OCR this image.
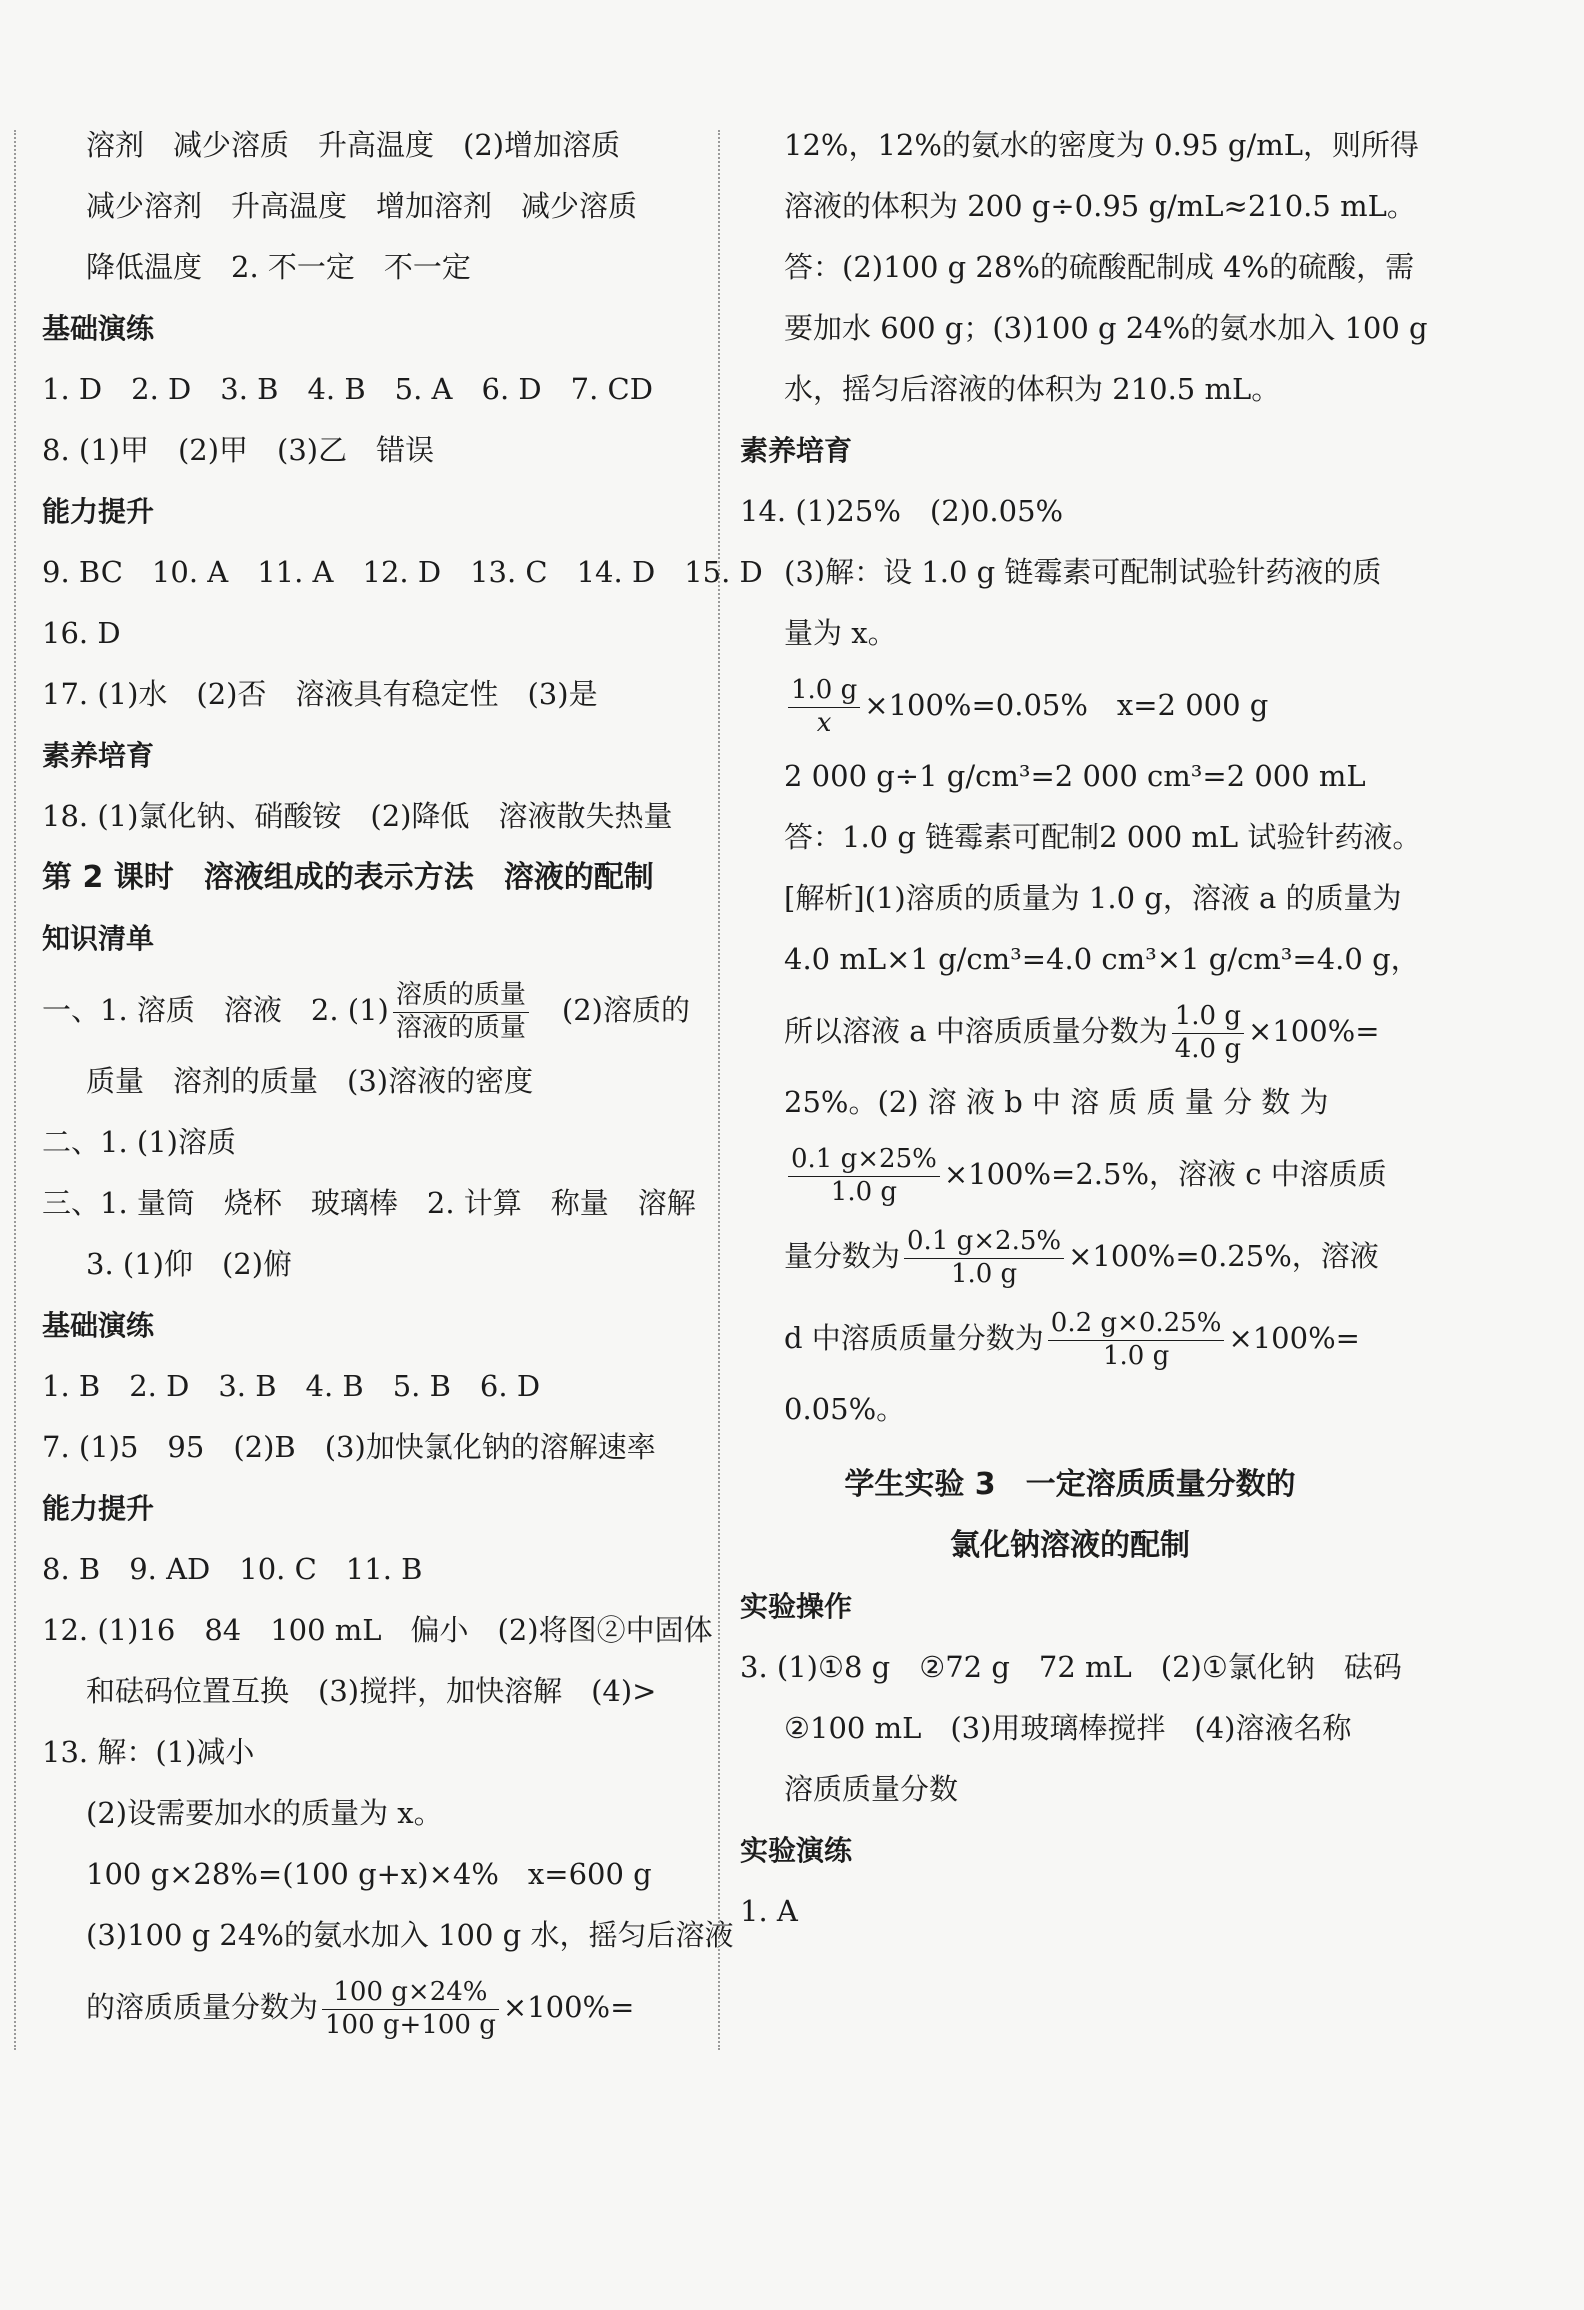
溶剂　减少溶质　升高温度　(2)增加溶质
减少溶剂　升高温度　增加溶剂　减少溶质
降低温度　2. 不一定　不一定
基础演练
1. D　2. D　3. B　4. B　5. A　6. D　7. CD
8. (1)甲　(2)甲　(3)乙　错误
能力提升
9. BC　10. A　11. A　12. D　13. C　14. D　15. D
16. D
17. (1)水　(2)否　溶液具有稳定性　(3)是
素养培育
18. (1)氯化钠、硝酸铵　(2)降低　溶液散失热量
第 2 课时　溶液组成的表示方法　溶液的配制
知识清单
一、1. 溶质　溶液　2. $(1) \frac{\text{溶质的质量}}{\text{溶液的质量}}$ 　(2)溶质的
质量　溶剂的质量　(3)溶液的密度
二、1. (1)溶质
三、1. 量筒　烧杯　玻璃棒　2. 计算　称量　溶解
3. (1)仰　(2)俯
基础演练
1. B　2. D　3. B　4. B　5. B　6. D
7. (1)5　95　(2)B　(3)加快氯化钠的溶解速率
能力提升
8. B　9. AD　10. C　11. B
12. (1)16　84　100 mL　偏小　(2)将图②中固体
和砝码位置互换　(3)搅拌，加快溶解　(4)>
13. 解：(1)减小
(2)设需要加水的质量为 x。
100 g×28%=(100 g+x)×4%　x=600 g
(3)100 g 24%的氨水加入 100 g 水，摇匀后溶液
的溶质质量分数为 $\frac{100 g\times 24\%}{100 g+100 g} \times 100\%=$
12%，12%的氨水的密度为 0.95 g/mL，则所得
溶液的体积为 200 g÷0.95 g/mL≈210.5 mL。
答：(2)100 g 28%的硫酸配制成 4%的硫酸，需
要加水 600 g；(3)100 g 24%的氨水加入 100 g
水，摇匀后溶液的体积为 210.5 mL。
素养培育
14. (1)25%　(2)0.05%
(3)解：设 1.0 g 链霉素可配制试验针药液的质
量为 x。
$\frac{1.0 g}{x} \times 100\%=0.05\%$　x=2 000 g
2 000 g÷1 g/cm³=2 000 cm³=2 000 mL
答：1.0 g 链霉素可配制2 000 mL 试验针药液。
[解析](1)溶质的质量为 1.0 g，溶液 a 的质量为
4.0 mL×1 g/cm³=4.0 cm³×1 g/cm³=4.0 g，
所以溶液 a 中溶质质量分数为 $\frac{1.0 g}{4.0 g} \times 100\%=$
25%。(2) 溶 液 b 中 溶 质 质 量 分 数 为
$\frac{0.1 g\times 25\%}{1.0 g} \times 100\%=2.5\%$，溶液 c 中溶质质
量分数为 $\frac{0.1 g\times 2.5\%}{1.0 g} \times 100\%=0.25\%$，溶液
d 中溶质质量分数为 $\frac{0.2 g\times 0.25\%}{1.0 g} \times 100\%=$
0.05%。
学生实验 3　一定溶质质量分数的
氯化钠溶液的配制
实验操作
3. (1)①8 g　②72 g　72 mL　(2)①氯化钠　砝码
②100 mL　(3)用玻璃棒搅拌　(4)溶液名称
溶质质量分数
实验演练
1. A
